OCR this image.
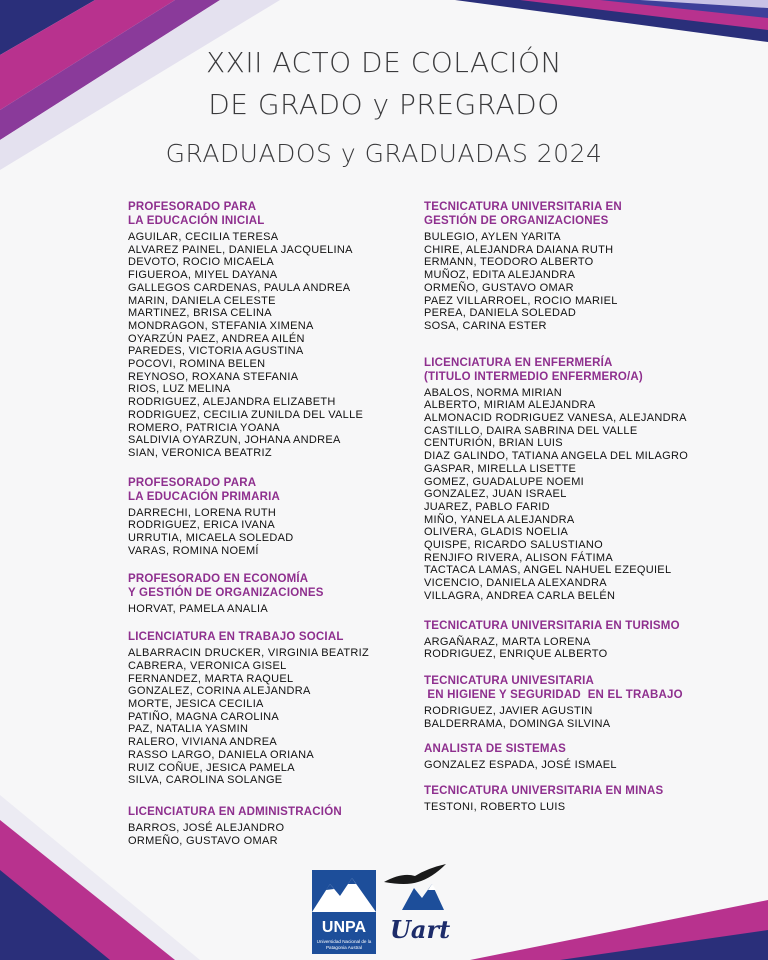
XXII ACTO DE COLACIÓN
DE GRADO y PREGRADO
GRADUADOS y GRADUADAS 2024
PROFESORADO PARA
LA EDUCACIÓN INICIAL
AGUILAR, CECILIA TERESA
ALVAREZ PAINEL, DANIELA JACQUELINA
DEVOTO, ROCIO MICAELA
FIGUEROA, MIYEL DAYANA
GALLEGOS CARDENAS, PAULA ANDREA
MARIN, DANIELA CELESTE
MARTINEZ, BRISA CELINA
MONDRAGON, STEFANIA XIMENA
OYARZÚN PAEZ, ANDREA AILÉN
PAREDES, VICTORIA AGUSTINA
POCOVI, ROMINA BELEN
REYNOSO, ROXANA STEFANIA
RIOS, LUZ MELINA
RODRIGUEZ, ALEJANDRA ELIZABETH
RODRIGUEZ, CECILIA ZUNILDA DEL VALLE
ROMERO, PATRICIA YOANA
SALDIVIA OYARZUN, JOHANA ANDREA
SIAN, VERONICA BEATRIZ
PROFESORADO PARA
LA EDUCACIÓN PRIMARIA
DARRECHI, LORENA RUTH
RODRIGUEZ, ERICA IVANA
URRUTIA, MICAELA SOLEDAD
VARAS, ROMINA NOEMÍ
PROFESORADO EN ECONOMÍA
Y GESTIÓN DE ORGANIZACIONES
HORVAT, PAMELA ANALIA
LICENCIATURA EN TRABAJO SOCIAL
ALBARRACIN DRUCKER, VIRGINIA BEATRIZ
CABRERA, VERONICA GISEL
FERNANDEZ, MARTA RAQUEL
GONZALEZ, CORINA ALEJANDRA
MORTE, JESICA CECILIA
PATIÑO, MAGNA CAROLINA
PAZ, NATALIA YASMIN
RALERO, VIVIANA ANDREA
RASSO LARGO, DANIELA ORIANA
RUIZ COÑUE, JESICA PAMELA
SILVA, CAROLINA SOLANGE
LICENCIATURA EN ADMINISTRACIÓN
BARROS, JOSÉ ALEJANDRO
ORMEÑO, GUSTAVO OMAR
TECNICATURA UNIVERSITARIA EN
GESTIÓN DE ORGANIZACIONES
BULEGIO, AYLEN YARITA
CHIRE, ALEJANDRA DAIANA RUTH
ERMANN, TEODORO ALBERTO
MUÑOZ, EDITA ALEJANDRA
ORMEÑO, GUSTAVO OMAR
PAEZ VILLARROEL, ROCIO MARIEL
PEREA, DANIELA SOLEDAD
SOSA, CARINA ESTER
LICENCIATURA EN ENFERMERÍA
(TITULO INTERMEDIO ENFERMERO/A)
ABALOS, NORMA MIRIAN
ALBERTO, MIRIAM ALEJANDRA
ALMONACID RODRIGUEZ VANESA, ALEJANDRA
CASTILLO, DAIRA SABRINA DEL VALLE
CENTURIÓN, BRIAN LUIS
DIAZ GALINDO, TATIANA ANGELA DEL MILAGRO
GASPAR, MIRELLA LISETTE
GOMEZ, GUADALUPE NOEMI
GONZALEZ, JUAN ISRAEL
JUAREZ, PABLO FARID
MIÑO, YANELA ALEJANDRA
OLIVERA, GLADIS NOELIA
QUISPE, RICARDO SALUSTIANO
RENJIFO RIVERA, ALISON FÁTIMA
TACTACA LAMAS, ANGEL NAHUEL EZEQUIEL
VICENCIO, DANIELA ALEXANDRA
VILLAGRA, ANDREA CARLA BELÉN
TECNICATURA UNIVERSITARIA EN TURISMO
ARGAÑARAZ, MARTA LORENA
RODRIGUEZ, ENRIQUE ALBERTO
TECNICATURA UNIVESITARIA
EN HIGIENE Y SEGURIDAD  EN EL TRABAJO
RODRIGUEZ, JAVIER AGUSTIN
BALDERRAMA, DOMINGA SILVINA
ANALISTA DE SISTEMAS
GONZALEZ ESPADA, JOSÉ ISMAEL
TECNICATURA UNIVERSITARIA EN MINAS
TESTONI, ROBERTO LUIS
UNPA
Universidad Nacional de la Patagonia Austral
Uart
